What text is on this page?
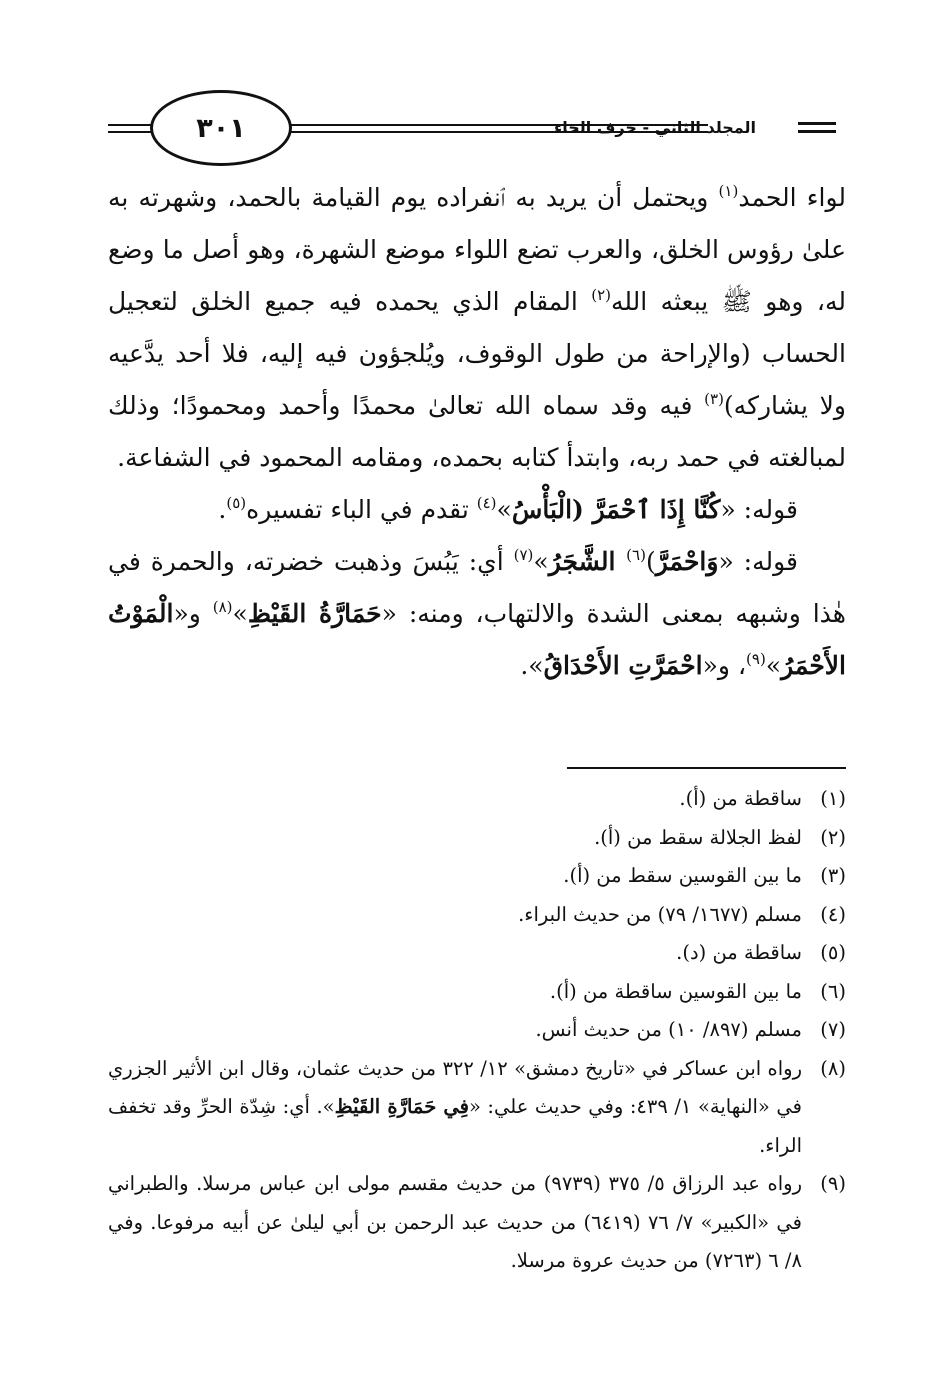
٣٠١	المجلد الثاني - حرف الحاء

لواء الحمد$^{(١)}$ ويحتمل أن يريد به ٱنفراده يوم القيامة بالحمد، وشهرته به علىٰ رؤوس الخلق، والعرب تضع اللواء موضع الشهرة، وهو أصل ما وضع له، وهو ﷺ يبعثه الله$^{(٢)}$ المقام الذي يحمده فيه جميع الخلق لتعجيل الحساب (والإراحة من طول الوقوف، ويُلجؤون فيه إليه، فلا أحد يدَّعيه ولا يشاركه)$^{(٣)}$ فيه وقد سماه الله تعالىٰ محمدًا وأحمد ومحمودًا؛ وذلك لمبالغته في حمد ربه، وابتدأ كتابه بحمده، ومقامه المحمود في الشفاعة.

قوله: «كُنَّا إِذَا ٱحْمَرَّ (الْبَأْسُ»$^{(٤)}$ تقدم في الباء تفسيره$^{(٥)}$.

قوله: «وَاحْمَرَّ)$^{(٦)}$ الشَّجَرُ»$^{(٧)}$ أي: يَبُسَ وذهبت خضرته، والحمرة في هٰذا وشبهه بمعنى الشدة والالتهاب، ومنه: «حَمَارَّةُ القَيْظِ»$^{(٨)}$ و«الْمَوْتُ الأَحْمَرُ»$^{(٩)}$، و«احْمَرَّتِ الأَحْدَاقُ».

(١)
ساقطة من (أ).
(٢)
لفظ الجلالة سقط من (أ).
(٣)
ما بين القوسين سقط من (أ).
(٤)
مسلم (١٦٧٧/ ٧٩) من حديث البراء.
(٥)
ساقطة من (د).
(٦)
ما بين القوسين ساقطة من (أ).
(٧)
مسلم (٨٩٧/ ١٠) من حديث أنس.
(٨)
رواه ابن عساكر في «تاريخ دمشق» ١٢/ ٣٢٢ من حديث عثمان، وقال ابن الأثير الجزري في «النهاية» ١/ ٤٣٩: وفي حديث علي: «فِي حَمَارَّةِ القَيْظِ». أي: شِدّة الحرِّ وقد تخفف الراء.
(٩)
رواه عبد الرزاق ٥/ ٣٧٥ (٩٧٣٩) من حديث مقسم مولى ابن عباس مرسلا. والطبراني في «الكبير» ٧/ ٧٦ (٦٤١٩) من حديث عبد الرحمن بن أبي ليلىٰ عن أبيه مرفوعا. وفي ٨/ ٦ (٧٢٦٣) من حديث عروة مرسلا.
